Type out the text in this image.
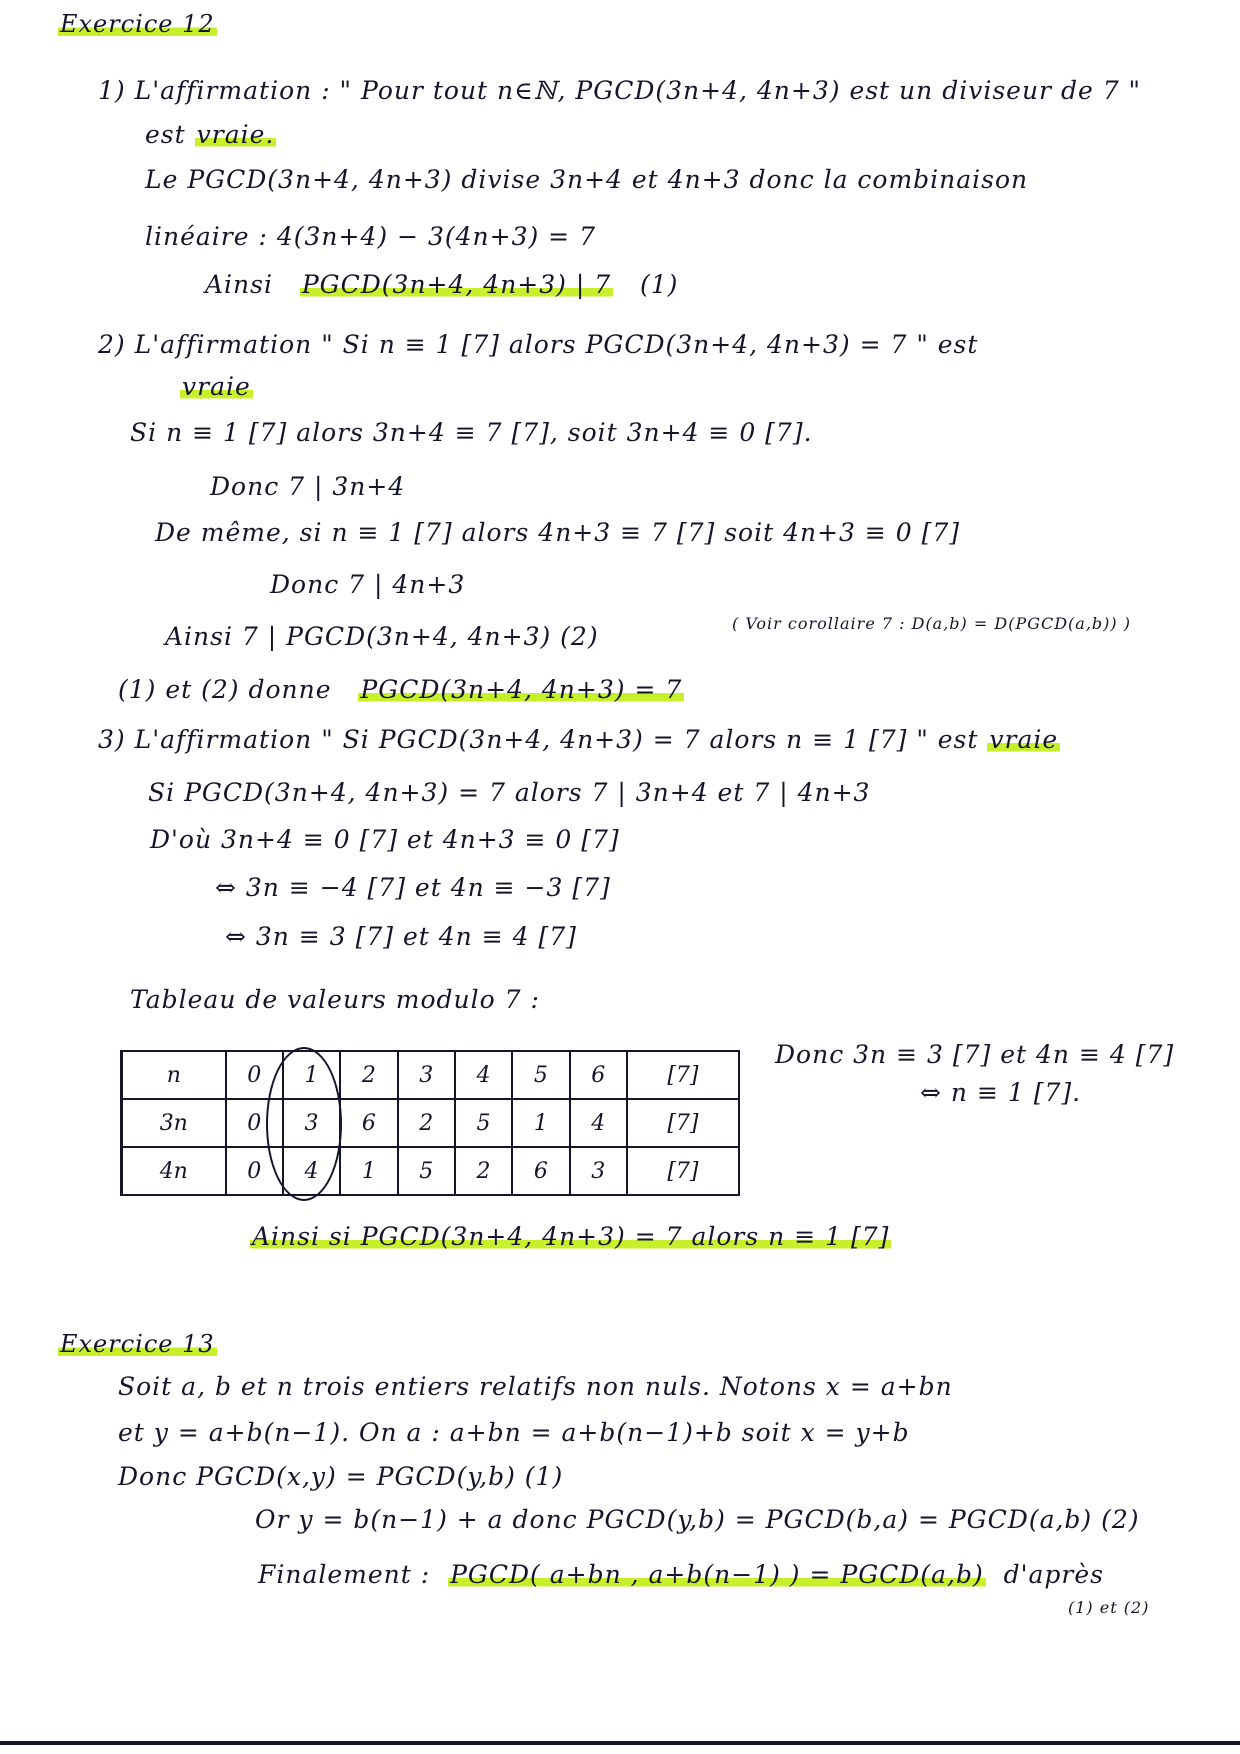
Exercice 12
1) L'affirmation : " Pour tout n∈ℕ, PGCD(3n+4, 4n+3) est un diviseur de 7 "
est vraie.
Le PGCD(3n+4, 4n+3) divise 3n+4 et 4n+3 donc la combinaison
linéaire : 4(3n+4) − 3(4n+3) = 7
Ainsi PGCD(3n+4, 4n+3) | 7 (1)
2) L'affirmation " Si n ≡ 1 [7] alors PGCD(3n+4, 4n+3) = 7 " est
vraie
Si n ≡ 1 [7] alors 3n+4 ≡ 7 [7], soit 3n+4 ≡ 0 [7].
Donc 7 | 3n+4
De même, si n ≡ 1 [7] alors 4n+3 ≡ 7 [7] soit 4n+3 ≡ 0 [7]
Donc 7 | 4n+3
Ainsi 7 | PGCD(3n+4, 4n+3) (2)	( Voir corollaire 7 : D(a,b) = D(PGCD(a,b)) )
(1) et (2) donne PGCD(3n+4, 4n+3) = 7
3) L'affirmation " Si PGCD(3n+4, 4n+3) = 7 alors n ≡ 1 [7] " est vraie
Si PGCD(3n+4, 4n+3) = 7 alors 7 | 3n+4 et 7 | 4n+3
D'où 3n+4 ≡ 0 [7] et 4n+3 ≡ 0 [7]
⇔ 3n ≡ −4 [7] et 4n ≡ −3 [7]
⇔ 3n ≡ 3 [7] et 4n ≡ 4 [7]
Tableau de valeurs modulo 7 :
n	0	1	2	3	4	5	6	[7]
3n	0	3	6	2	5	1	4	[7]
4n	0	4	1	5	2	6	3	[7]
Donc 3n ≡ 3 [7] et 4n ≡ 4 [7]
⇔ n ≡ 1 [7].
Ainsi si PGCD(3n+4, 4n+3) = 7 alors n ≡ 1 [7]
Exercice 13
Soit a, b et n trois entiers relatifs non nuls. Notons x = a+bn
et y = a+b(n−1). On a : a+bn = a+b(n−1)+b soit x = y+b
Donc PGCD(x,y) = PGCD(y,b) (1)
Or y = b(n−1) + a donc PGCD(y,b) = PGCD(b,a) = PGCD(a,b) (2)
Finalement : PGCD( a+bn , a+b(n−1) ) = PGCD(a,b) d'après
(1) et (2)
